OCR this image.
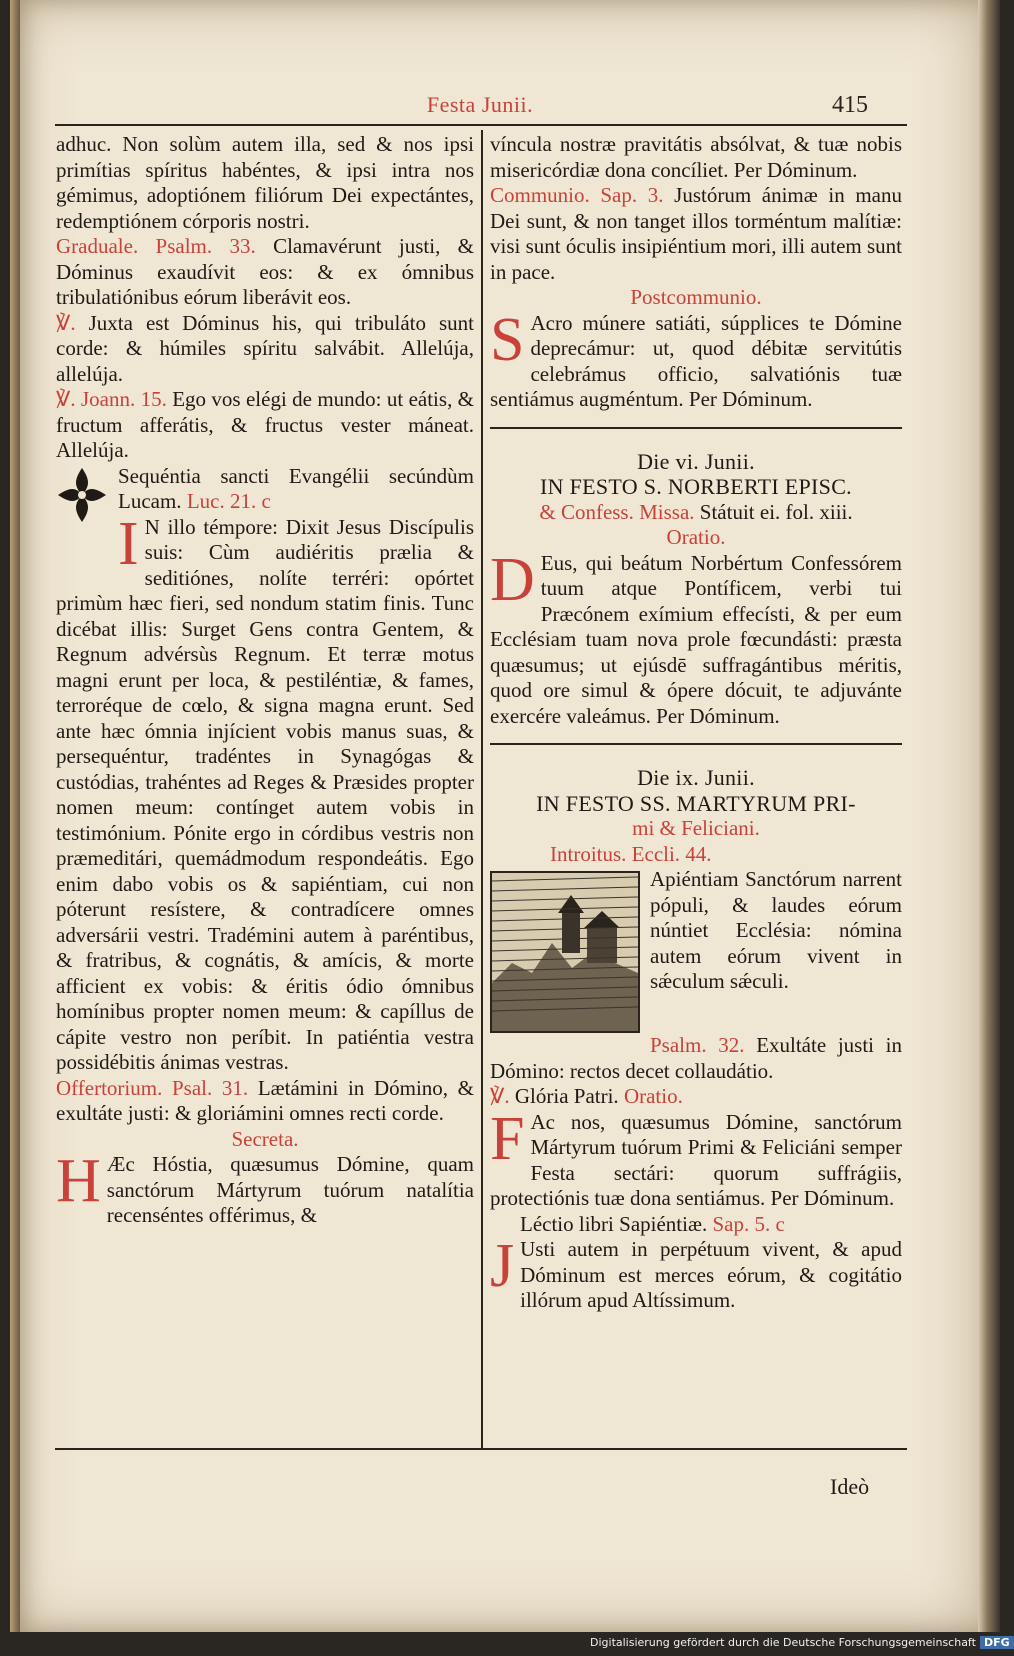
Festa Junii.	415

adhuc. Non solùm autem illa, sed & nos ipsi primítias spíritus habéntes, & ipsi intra nos gémimus, adoptiónem filiórum Dei expectántes, redemptiónem córporis nostri.

Graduale. Psalm. 33. Clamavérunt justi, & Dóminus exaudívit eos: & ex ómnibus tribulatiónibus eórum liberávit eos.

℣. Juxta est Dóminus his, qui tribuláto sunt corde: & húmiles spíritu salvábit. Allelúja, allelúja.

℣. Joann. 15. Ego vos elégi de mundo: ut eátis, & fructum afferátis, & fructus vester máneat. Allelúja.

Sequéntia sancti Evangélii secúndùm Lucam. Luc. 21. c

I N illo témpore: Dixit Jesus Discípulis suis: Cùm audiéritis prælia & seditiónes, nolíte terréri: opórtet primùm hæc fieri, sed nondum statim finis. Tunc dicébat illis: Surget Gens contra Gentem, & Regnum advérsùs Regnum. Et terræ motus magni erunt per loca, & pestiléntiæ, & fames, terroréque de cœlo, & signa magna erunt. Sed ante hæc ómnia injícient vobis manus suas, & persequéntur, tradéntes in Synagógas & custódias, trahéntes ad Reges & Præsides propter nomen meum: contínget autem vobis in testimónium. Pónite ergo in córdibus vestris non præmeditári, quemádmodum respondeátis. Ego enim dabo vobis os & sapiéntiam, cui non póterunt resístere, & contradícere omnes adversárii vestri. Tradémini autem à paréntibus, & fratribus, & cognátis, & amícis, & morte afficient ex vobis: & éritis ódio ómnibus homínibus propter nomen meum: & capíllus de cápite vestro non períbit. In patiéntia vestra possidébitis ánimas vestras.

Offertorium. Psal. 31. Lætámini in Dómino, & exultáte justi: & gloriámini omnes recti corde.

Secreta.

H Æc Hóstia, quæsumus Dómine, quam sanctórum Mártyrum tuórum natalítia recenséntes offérimus, &

víncula nostræ pravitátis absólvat, & tuæ nobis misericórdiæ dona concíliet. Per Dóminum.

Communio. Sap. 3. Justórum ánimæ in manu Dei sunt, & non tanget illos torméntum malítiæ: visi sunt óculis insipiéntium mori, illi autem sunt in pace.

Postcommunio.

S Acro múnere satiáti, súpplices te Dómine deprecámur: ut, quod débitæ servitútis celebrámus officio, salvatiónis tuæ sentiámus augméntum. Per Dóminum.

Die vi. Junii.

IN FESTO S. NORBERTI EPISC.

& Confess. Missa. Státuit ei. fol. xiii.

Oratio.

D Eus, qui beátum Norbértum Confessórem tuum atque Pontíficem, verbi tui Præcónem exímium effecísti, & per eum Ecclésiam tuam nova prole fœcundásti: præsta quæsumus; ut ejúsdē suffragántibus méritis, quod ore simul & ópere dócuit, te adjuvánte exercére valeámus. Per Dóminum.

Die ix. Junii.

IN FESTO SS. MARTYRUM PRI-

mi & Feliciani.

Introitus. Eccli. 44.

Apiéntiam Sanctórum narrent pópuli, & laudes eórum núntiet Ecclésia: nómina autem eórum vivent in sǽculum sǽculi.

Psalm. 32. Exultáte justi in Dómino: rectos decet collaudátio.

℣. Glória Patri. Oratio.

F Ac nos, quæsumus Dómine, sanctórum Mártyrum tuórum Primi & Feliciáni semper Festa sectári: quorum suffrágiis, protectiónis tuæ dona sentiámus. Per Dóminum.

Léctio libri Sapiéntiæ. Sap. 5. c

J Usti autem in perpétuum vivent, & apud Dóminum est merces eórum, & cogitátio illórum apud Altíssimum.

Ideò
Digitalisierung gefördert durch die Deutsche Forschungsgemeinschaft DFG
